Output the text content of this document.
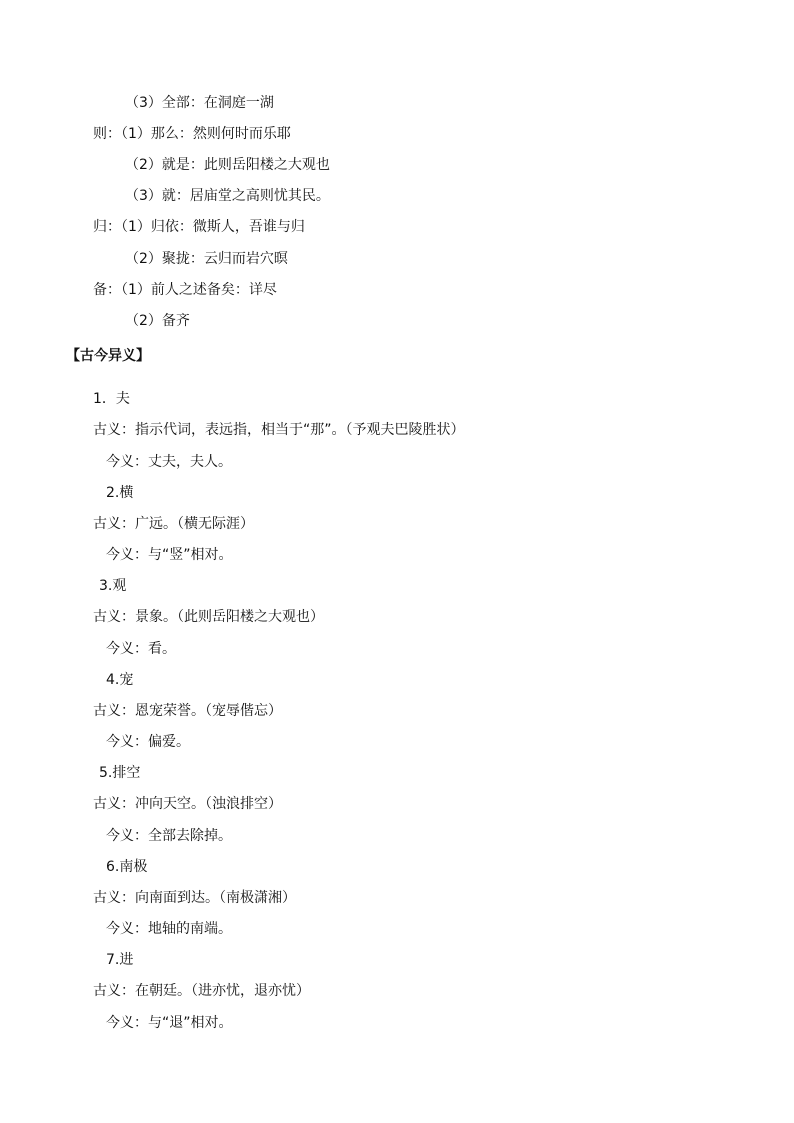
（3）全部：在洞庭一湖
则：（1）那么：然则何时而乐耶
（2）就是：此则岳阳楼之大观也
（3）就：居庙堂之高则忧其民。
归：（1）归依：微斯人，吾谁与归
（2）聚拢：云归而岩穴暝
备：（1）前人之述备矣：详尽
（2）备齐
【古今异义】
1．夫
古义：指示代词，表远指，相当于“那”。（予观夫巴陵胜状）
今义：丈夫，夫人。
2.横
古义：广远。（横无际涯）
今义：与“竖”相对。
3.观
古义：景象。（此则岳阳楼之大观也）
今义：看。
4.宠
古义：恩宠荣誉。（宠辱偕忘）
今义：偏爱。
5.排空
古义：冲向天空。（浊浪排空）
今义：全部去除掉。
6.南极
古义：向南面到达。（南极潇湘）
今义：地轴的南端。
7.进
古义：在朝廷。（进亦忧，退亦忧）
今义：与“退”相对。
